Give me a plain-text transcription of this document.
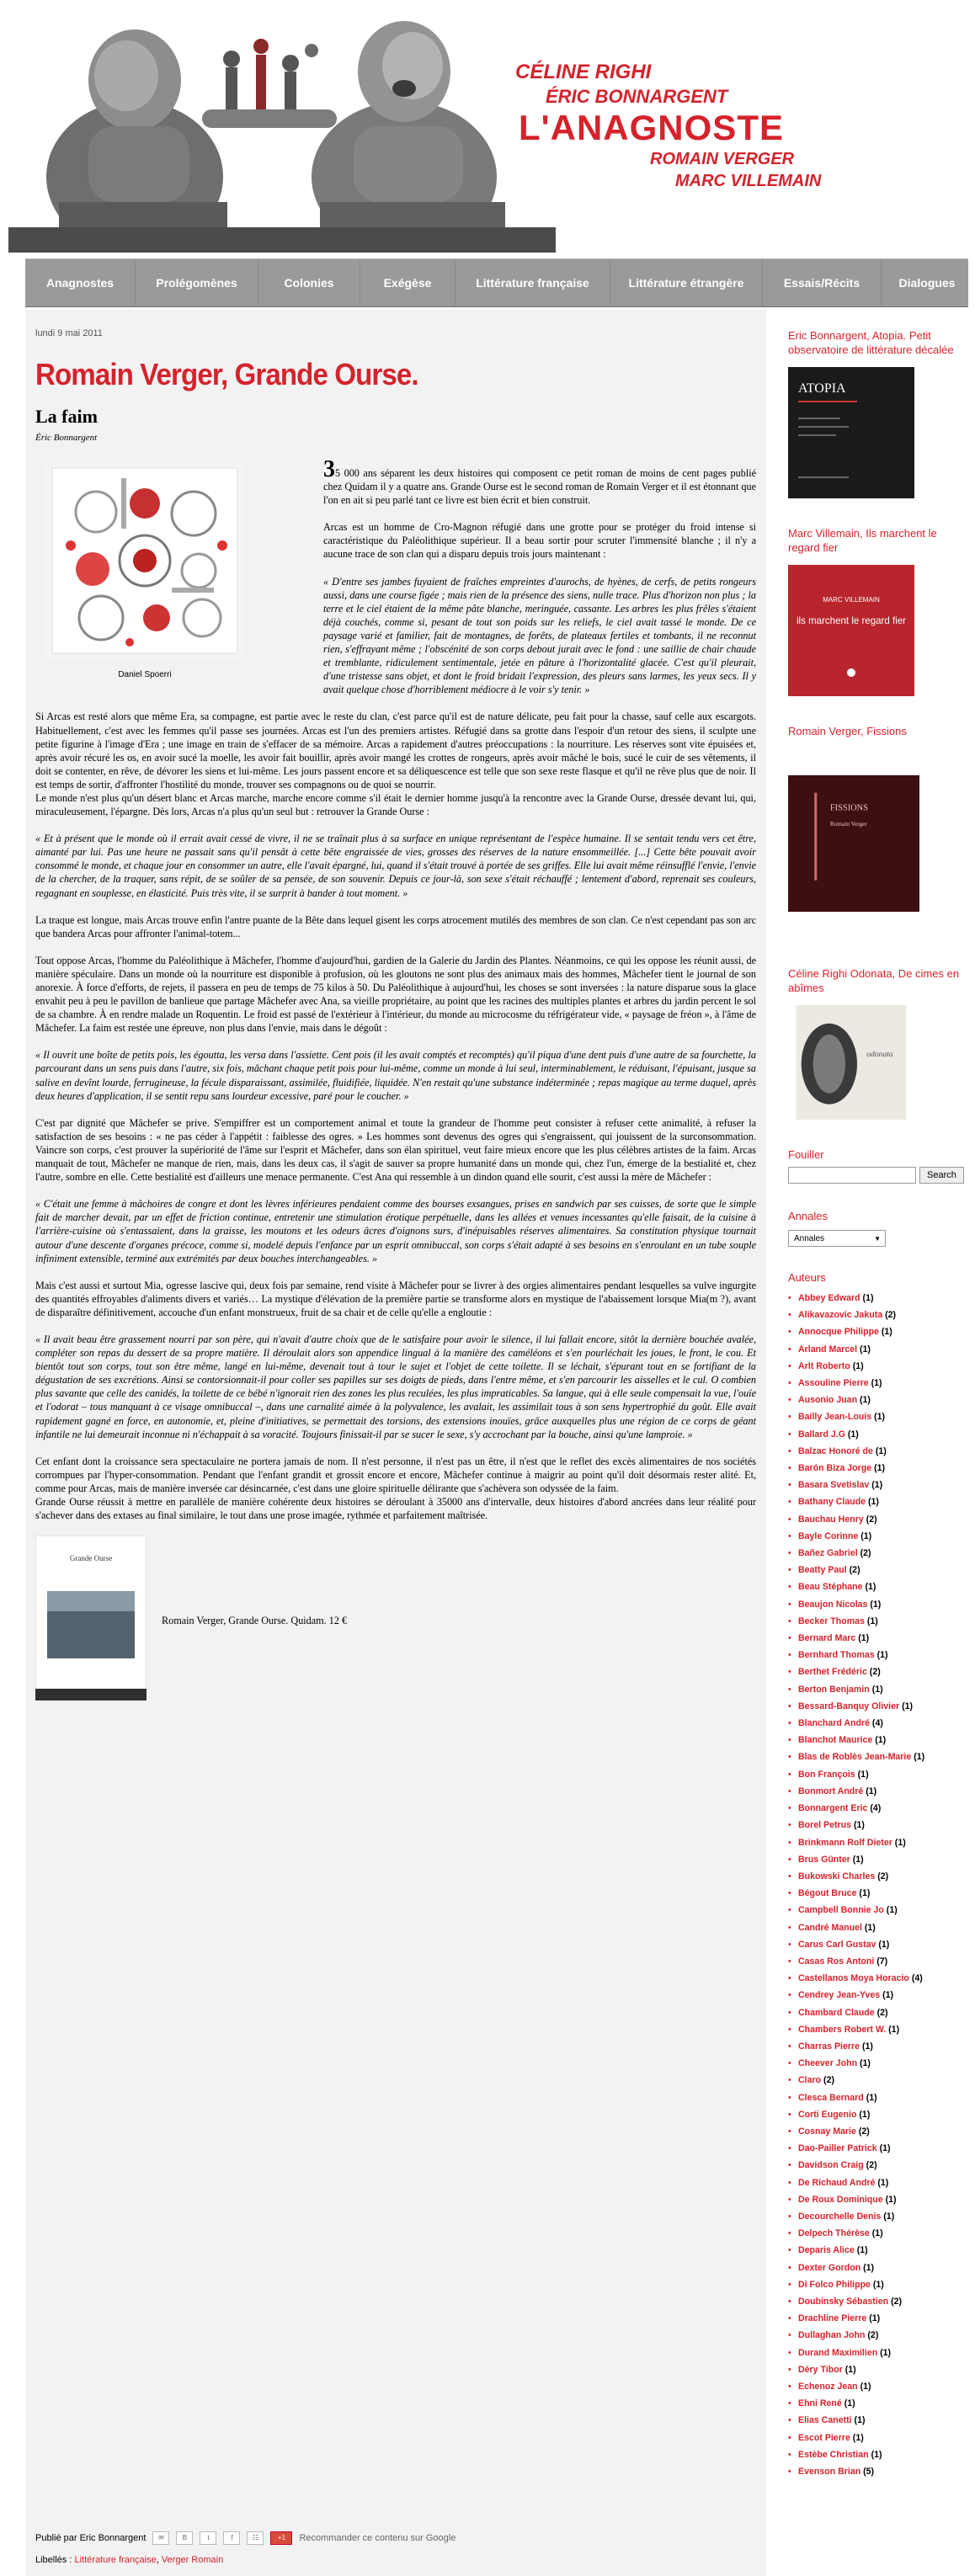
CÉLINE RIGHI
ÉRIC BONNARGENT
L'ANAGNOSTE
ROMAIN VERGER
MARC VILLEMAIN
Anagnostes	Prolégomènes	Colonies	Exégèse	Littérature française	Littérature étrangère	Essais/Récits	Dialogues
lundi 9 mai 2011
Romain Verger, Grande Ourse.
La faim
Éric Bonnargent
Daniel Spoerri

35 000 ans séparent les deux histoires qui composent ce petit roman de moins de cent pages publié chez Quidam il y a quatre ans. Grande Ourse est le second roman de Romain Verger et il est étonnant que l'on en ait si peu parlé tant ce livre est bien écrit et bien construit.

Arcas est un homme de Cro-Magnon réfugié dans une grotte pour se protéger du froid intense si caractéristique du Paléolithique supérieur. Il a beau sortir pour scruter l'immensité blanche ; il n'y a aucune trace de son clan qui a disparu depuis trois jours maintenant :

« D'entre ses jambes fuyaient de fraîches empreintes d'aurochs, de hyènes, de cerfs, de petits rongeurs aussi, dans une course figée ; mais rien de la présence des siens, nulle trace. Plus d'horizon non plus ; la terre et le ciel étaient de la même pâte blanche, meringuée, cassante. Les arbres les plus frêles s'étaient déjà couchés, comme si, pesant de tout son poids sur les reliefs, le ciel avait tassé le monde. De ce paysage varié et familier, fait de montagnes, de forêts, de plateaux fertiles et tombants, il ne reconnut rien, s'effrayant même ; l'obscénité de son corps debout jurait avec le fond : une saillie de chair chaude et tremblante, ridiculement sentimentale, jetée en pâture à l'horizontalité glacée. C'est qu'il pleurait, d'une tristesse sans objet, et dont le froid bridait l'expression, des pleurs sans larmes, les yeux secs. Il y avait quelque chose d'horriblement médiocre à le voir s'y tenir. »

Si Arcas est resté alors que même Era, sa compagne, est partie avec le reste du clan, c'est parce qu'il est de nature délicate, peu fait pour la chasse, sauf celle aux escargots. Habituellement, c'est avec les femmes qu'il passe ses journées. Arcas est l'un des premiers artistes. Réfugié dans sa grotte dans l'espoir d'un retour des siens, il sculpte une petite figurine à l'image d'Era ; une image en train de s'effacer de sa mémoire. Arcas a rapidement d'autres préoccupations : la nourriture. Les réserves sont vite épuisées et, après avoir récuré les os, en avoir sucé la moelle, les avoir fait bouillir, après avoir mangé les crottes de rongeurs, après avoir mâché le bois, sucé le cuir de ses vêtements, il doit se contenter, en rêve, de dévorer les siens et lui-même. Les jours passent encore et sa déliquescence est telle que son sexe reste flasque et qu'il ne rêve plus que de noir. Il est temps de sortir, d'affronter l'hostilité du monde, trouver ses compagnons ou de quoi se nourrir.

Le monde n'est plus qu'un désert blanc et Arcas marche, marche encore comme s'il était le dernier homme jusqu'à la rencontre avec la Grande Ourse, dressée devant lui, qui, miraculeusement, l'épargne. Dès lors, Arcas n'a plus qu'un seul but : retrouver la Grande Ourse :

« Et à présent que le monde où il errait avait cessé de vivre, il ne se traînait plus à sa surface en unique représentant de l'espèce humaine. Il se sentait tendu vers cet être, aimanté par lui. Pas une heure ne passait sans qu'il pensât à cette bête engraissée de vies, grosses des réserves de la nature ensommeillée. [...] Cette bête pouvait avoir consommé le monde, et chaque jour en consommer un autre, elle l'avait épargné, lui, quand il s'était trouvé à portée de ses griffes. Elle lui avait même réinsufflé l'envie, l'envie de la chercher, de la traquer, sans répit, de se soûler de sa pensée, de son souvenir. Depuis ce jour-là, son sexe s'était réchauffé ; lentement d'abord, reprenait ses couleurs, regagnant en souplesse, en élasticité. Puis très vite, il se surprit à bander à tout moment. »

La traque est longue, mais Arcas trouve enfin l'antre puante de la Bête dans lequel gisent les corps atrocement mutilés des membres de son clan. Ce n'est cependant pas son arc que bandera Arcas pour affronter l'animal-totem...

Tout oppose Arcas, l'homme du Paléolithique à Mâchefer, l'homme d'aujourd'hui, gardien de la Galerie du Jardin des Plantes. Néanmoins, ce qui les oppose les réunit aussi, de manière spéculaire. Dans un monde où la nourriture est disponible à profusion, où les gloutons ne sont plus des animaux mais des hommes, Mâchefer tient le journal de son anorexie. À force d'efforts, de rejets, il passera en peu de temps de 75 kilos à 50. Du Paléolithique à aujourd'hui, les choses se sont inversées : la nature disparue sous la glace envahit peu à peu le pavillon de banlieue que partage Mâchefer avec Ana, sa vieille propriétaire, au point que les racines des multiples plantes et arbres du jardin percent le sol de sa chambre. À en rendre malade un Roquentin. Le froid est passé de l'extérieur à l'intérieur, du monde au microcosme du réfrigérateur vide, « paysage de fréon », à l'âme de Mâchefer. La faim est restée une épreuve, non plus dans l'envie, mais dans le dégoût :

« Il ouvrit une boîte de petits pois, les égoutta, les versa dans l'assiette. Cent pois (il les avait comptés et recomptés) qu'il piqua d'une dent puis d'une autre de sa fourchette, la parcourant dans un sens puis dans l'autre, six fois, mâchant chaque petit pois pour lui-même, comme un monde à lui seul, interminablement, le réduisant, l'épuisant, jusque sa salive en devînt lourde, ferrugineuse, la fécule disparaissant, assimilée, fluidifiée, liquidée. N'en restait qu'une substance indéterminée ; repas magique au terme duquel, après deux heures d'application, il se sentit repu sans lourdeur excessive, paré pour le coucher. »

C'est par dignité que Mâchefer se prive. S'empiffrer est un comportement animal et toute la grandeur de l'homme peut consister à refuser cette animalité, à refuser la satisfaction de ses besoins : « ne pas céder à l'appétit : faiblesse des ogres. » Les hommes sont devenus des ogres qui s'engraissent, qui jouissent de la surconsommation. Vaincre son corps, c'est prouver la supériorité de l'âme sur l'esprit et Mâchefer, dans son élan spirituel, veut faire mieux encore que les plus célèbres artistes de la faim. Arcas manquait de tout, Mâchefer ne manque de rien, mais, dans les deux cas, il s'agit de sauver sa propre humanité dans un monde qui, chez l'un, émerge de la bestialité et, chez l'autre, sombre en elle. Cette bestialité est d'ailleurs une menace permanente. C'est Ana qui ressemble à un dindon quand elle sourit, c'est aussi la mère de Mâchefer :

« C'était une femme à mâchoires de congre et dont les lèvres inférieures pendaient comme des bourses exsangues, prises en sandwich par ses cuisses, de sorte que le simple fait de marcher devait, par un effet de friction continue, entretenir une stimulation érotique perpétuelle, dans les allées et venues incessantes qu'elle faisait, de la cuisine à l'arrière-cuisine où s'entassaient, dans la graisse, les moutons et les odeurs âcres d'oignons surs, d'inépuisables réserves alimentaires. Sa constitution physique tournait autour d'une descente d'organes précoce, comme si, modelé depuis l'enfance par un esprit omnibuccal, son corps s'était adapté à ses besoins en s'enroulant en un tube souple infiniment extensible, terminé aux extrémités par deux bouches interchangeables. »

Mais c'est aussi et surtout Mia, ogresse lascive qui, deux fois par semaine, rend visite à Mâchefer pour se livrer à des orgies alimentaires pendant lesquelles sa vulve ingurgite des quantités effroyables d'aliments divers et variés… La mystique d'élévation de la première partie se transforme alors en mystique de l'abaissement lorsque Mia(m ?), avant de disparaître définitivement, accouche d'un enfant monstrueux, fruit de sa chair et de celle qu'elle a engloutie :

« Il avait beau être grassement nourri par son père, qui n'avait d'autre choix que de le satisfaire pour avoir le silence, il lui fallait encore, sitôt la dernière bouchée avalée, compléter son repas du dessert de sa propre matière. Il déroulait alors son appendice lingual à la manière des caméléons et s'en pourléchait les joues, le front, le cou. Et bientôt tout son corps, tout son être même, langé en lui-même, devenait tout à tour le sujet et l'objet de cette toilette. Il se léchait, s'épurant tout en se fortifiant de la dégustation de ses excrétions. Ainsi se contorsionnait-il pour coller ses papilles sur ses doigts de pieds, dans l'entre même, et s'en parcourir les aisselles et le cul. O combien plus savante que celle des canidés, la toilette de ce bébé n'ignorait rien des zones les plus reculées, les plus impraticables. Sa langue, qui à elle seule compensait la vue, l'ouïe et l'odorat – tous manquant à ce visage omnibuccal –, dans une carnalité aimée à la polyvalence, les avalait, les assimilait tous à son sens hypertrophié du goût. Elle avait rapidement gagné en force, en autonomie, et, pleine d'initiatives, se permettait des torsions, des extensions inouïes, grâce auxquelles plus une région de ce corps de géant infantile ne lui demeurait inconnue ni n'échappait à sa voracité. Toujours finissait-il par se sucer le sexe, s'y accrochant par la bouche, ainsi qu'une lamproie. »

Cet enfant dont la croissance sera spectaculaire ne portera jamais de nom. Il n'est personne, il n'est pas un être, il n'est que le reflet des excès alimentaires de nos sociétés corrompues par l'hyper-consommation. Pendant que l'enfant grandit et grossit encore et encore, Mâchefer continue à maigrir au point qu'il doit désormais rester alité. Et, comme pour Arcas, mais de manière inversée car désincarnée, c'est dans une gloire spirituelle délirante que s'achèvera son odyssée de la faim.

Grande Ourse réussit à mettre en parallèle de manière cohérente deux histoires se déroulant à 35000 ans d'intervalle, deux histoires d'abord ancrées dans leur réalité pour s'achever dans des extases au final similaire, le tout dans une prose imagée, rythmée et parfaitement maîtrisée.

Grande Ourse
Romain Verger, Grande Ourse. Quidam. 12 €
Publié par Eric Bonnargent	✉	B	t	f	☷	+1	Recommander ce contenu sur Google
Libellés : Littérature française, Verger Romain
Eric Bonnargent, Atopia. Petit observatoire de littérature décalée
ATOPIA
Marc Villemain, Ils marchent le regard fier
MARC VILLEMAIN
ils marchent le regard fier
Romain Verger, Fissions
FISSIONS
Romain Verger
Céline Righi Odonata, De cimes en abîmes
odonata
Fouiller
Search
Annales
Annales	▼
Auteurs
• Abbey Edward (1)
• Alikavazovic Jakuta (2)
• Annocque Philippe (1)
• Arland Marcel (1)
• Arlt Roberto (1)
• Assouline Pierre (1)
• Ausonio Juan (1)
• Bailly Jean-Louis (1)
• Ballard J.G (1)
• Balzac Honoré de (1)
• Barón Biza Jorge (1)
• Basara Svetislav (1)
• Bathany Claude (1)
• Bauchau Henry (2)
• Bayle Corinne (1)
• Bañez Gabriel (2)
• Beatty Paul (2)
• Beau Stéphane (1)
• Beaujon Nicolas (1)
• Becker Thomas (1)
• Bernard Marc (1)
• Bernhard Thomas (1)
• Berthet Frédéric (2)
• Berton Benjamin (1)
• Bessard-Banquy Olivier (1)
• Blanchard André (4)
• Blanchot Maurice (1)
• Blas de Roblès Jean-Marie (1)
• Bon François (1)
• Bonmort André (1)
• Bonnargent Eric (4)
• Borel Petrus (1)
• Brinkmann Rolf Dieter (1)
• Brus Günter (1)
• Bukowski Charles (2)
• Bégout Bruce (1)
• Campbell Bonnie Jo (1)
• Candré Manuel (1)
• Carus Carl Gustav (1)
• Casas Ros Antoni (7)
• Castellanos Moya Horacio (4)
• Cendrey Jean-Yves (1)
• Chambard Claude (2)
• Chambers Robert W. (1)
• Charras Pierre (1)
• Cheever John (1)
• Claro (2)
• Clesca Bernard (1)
• Corti Eugenio (1)
• Cosnay Marie (2)
• Dao-Pailler Patrick (1)
• Davidson Craig (2)
• De Richaud André (1)
• De Roux Dominique (1)
• Decourchelle Denis (1)
• Delpech Thérèse (1)
• Deparis Alice (1)
• Dexter Gordon (1)
• Di Folco Philippe (1)
• Doubinsky Sébastien (2)
• Drachline Pierre (1)
• Dullaghan John (2)
• Durand Maximilien (1)
• Déry Tibor (1)
• Echenoz Jean (1)
• Ehni René (1)
• Elias Canetti (1)
• Escot Pierre (1)
• Estèbe Christian (1)
• Evenson Brian (5)
